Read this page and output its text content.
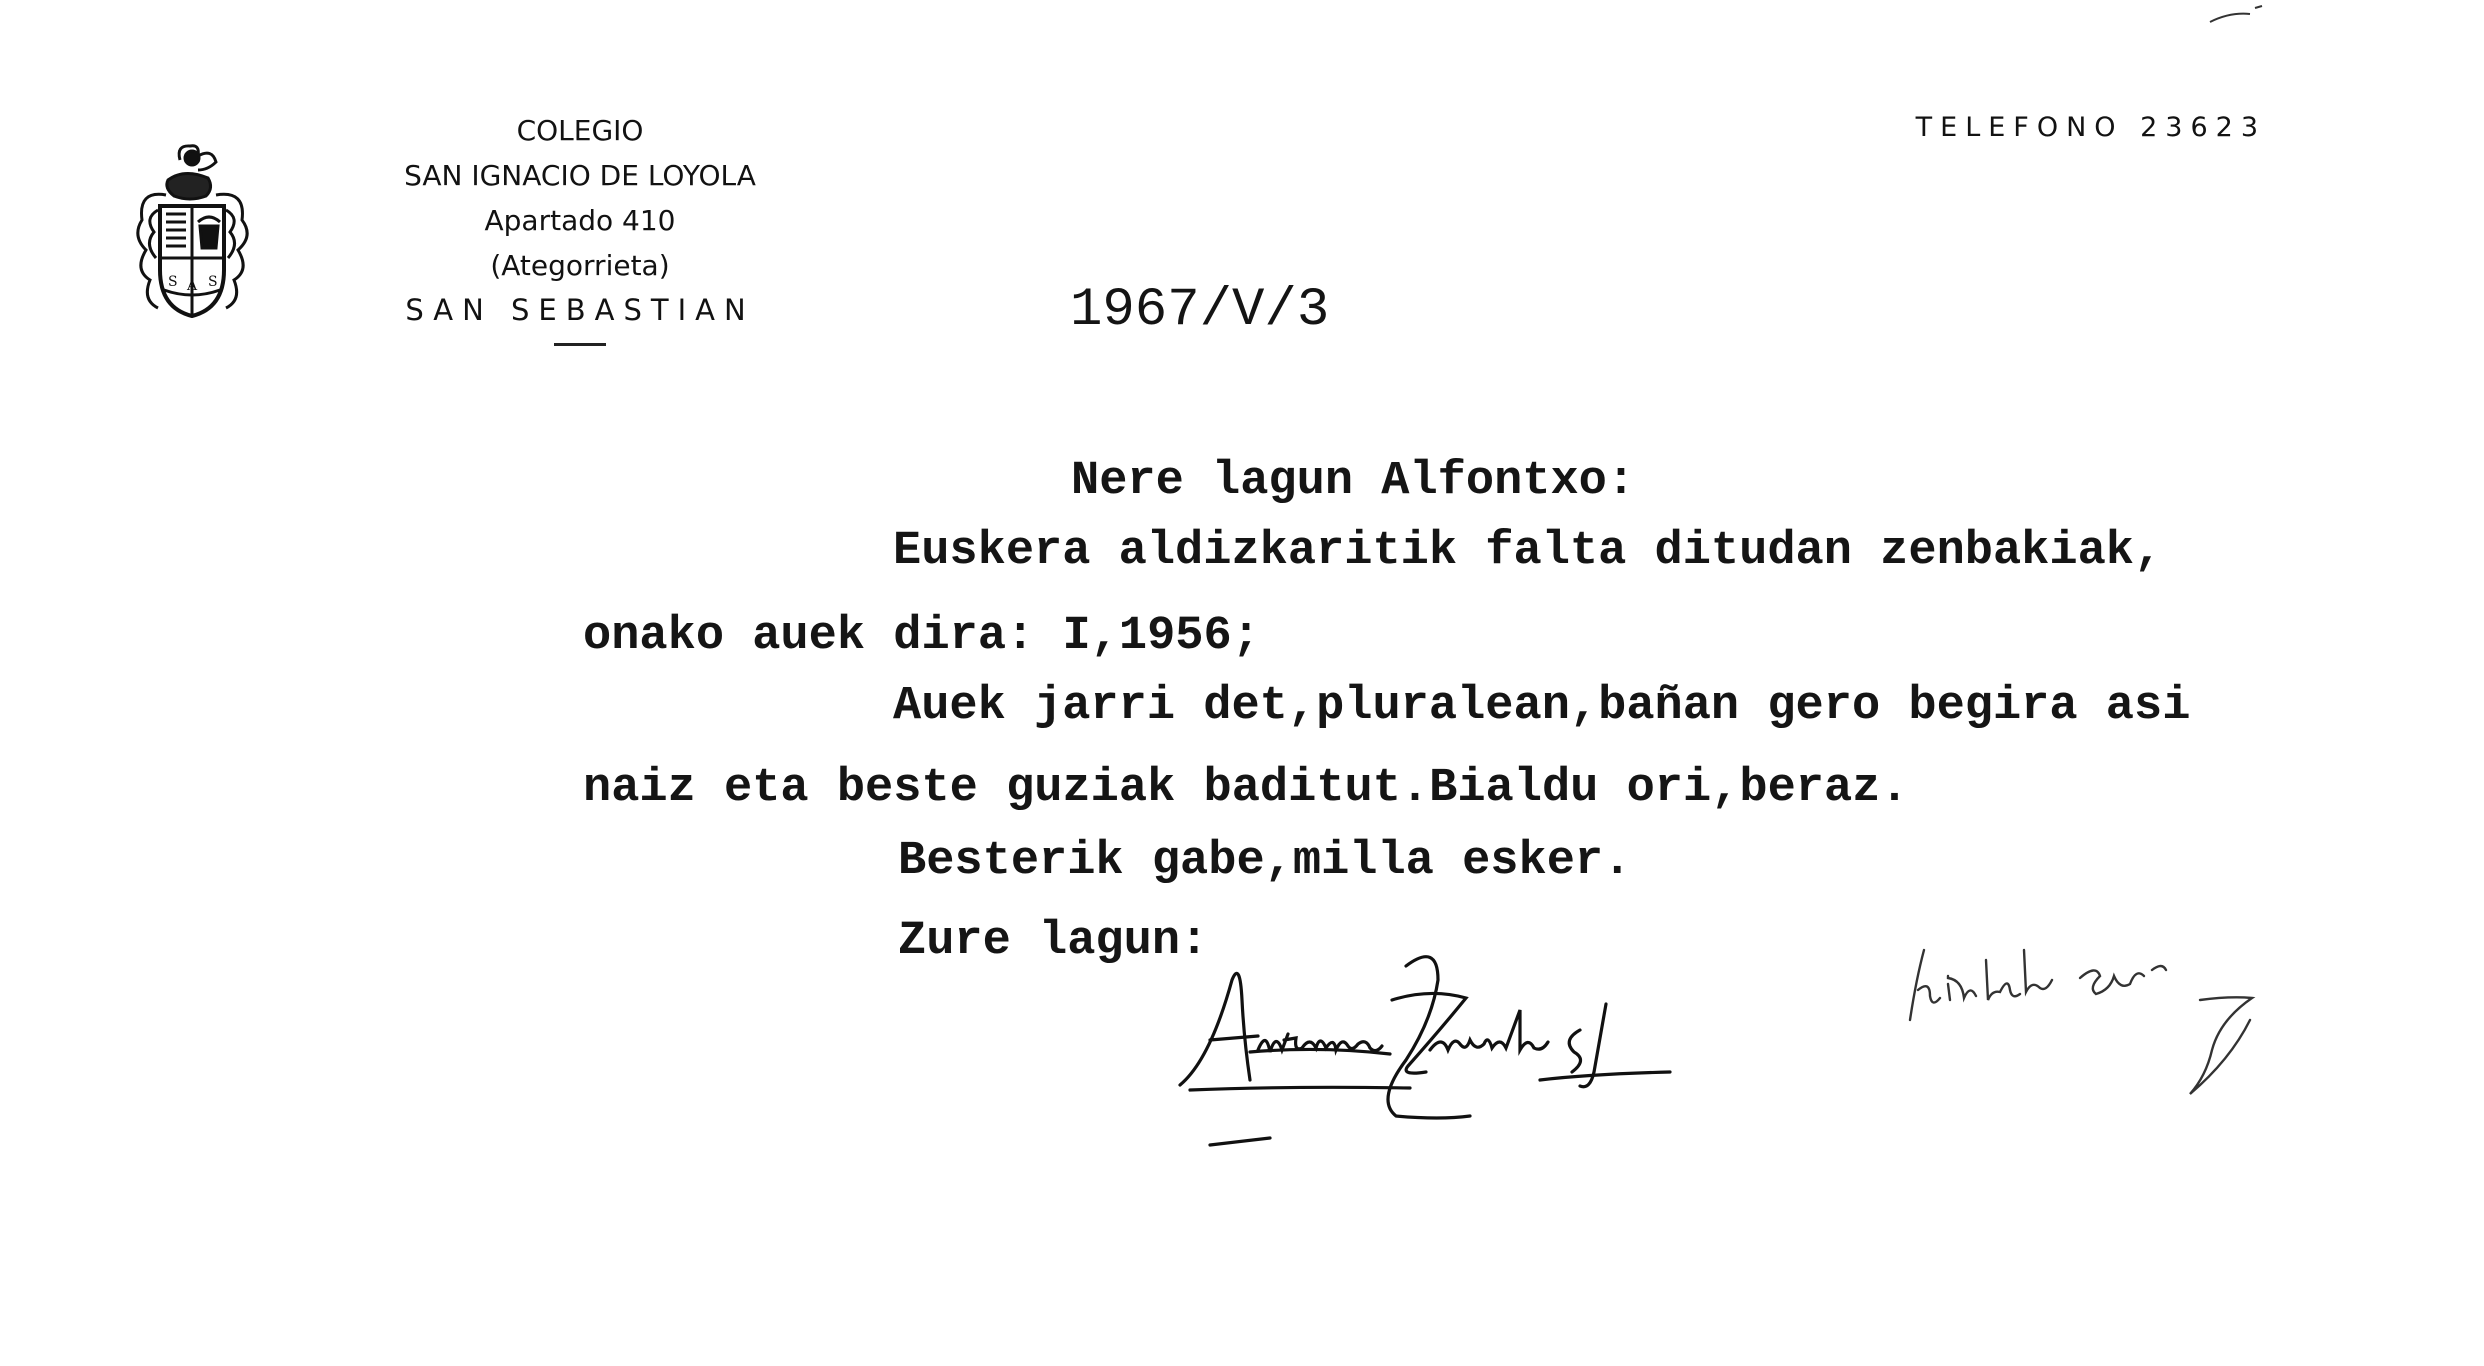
S A S
COLEGIO
SAN IGNACIO DE LOYOLA
Apartado 410
(Ategorrieta)
SAN SEBASTIAN
TELEFONO 23623
1967/V/3
Nere lagun Alfontxo:
Euskera aldizkaritik falta ditudan zenbakiak,
onako auek dira: I,1956;
Auek jarri det,pluralean,bañan gero begira asi
naiz eta beste guziak baditut.Bialdu ori,beraz.
Besterik gabe,milla esker.
Zure lagun:
